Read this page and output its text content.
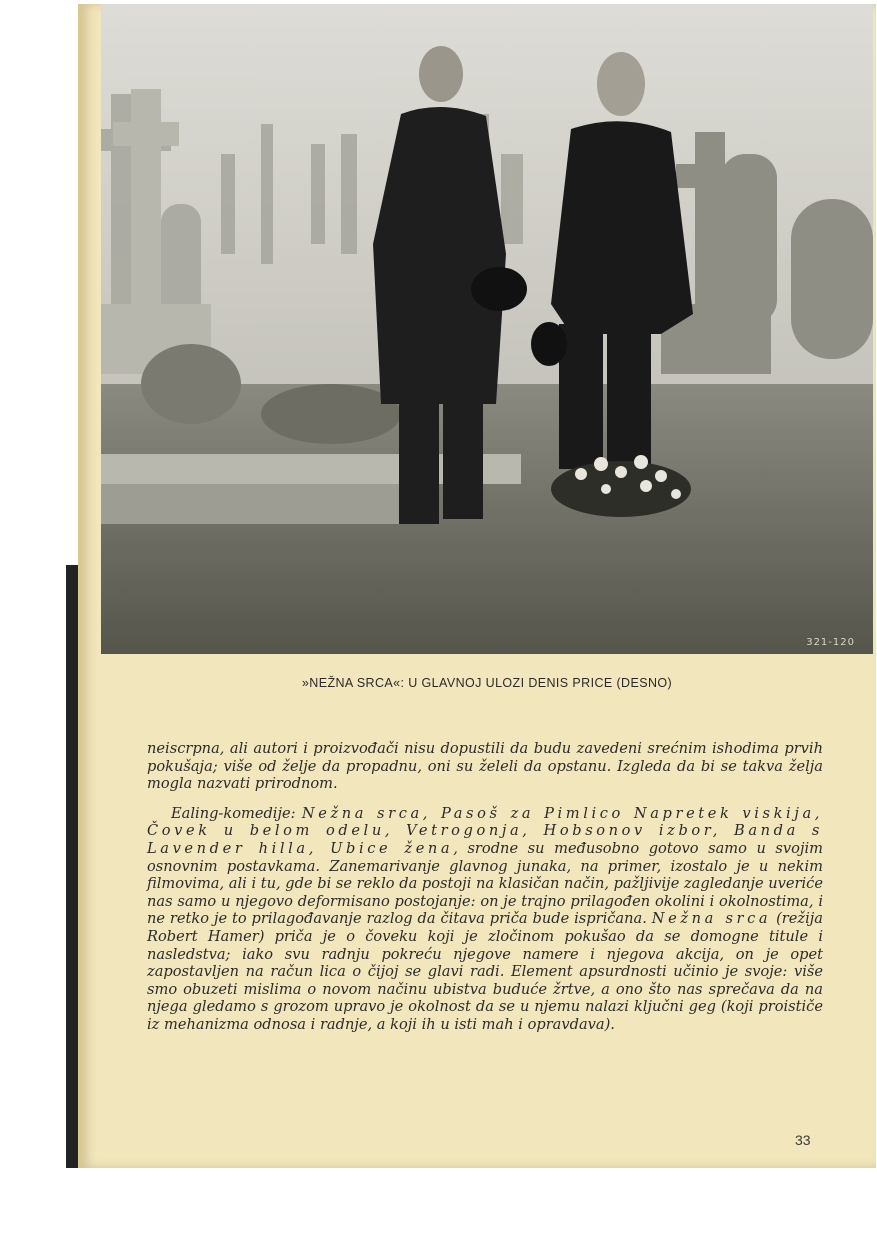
321-120
»NEŽNA SRCA«: U GLAVNOJ ULOZI DENIS PRICE (DESNO)

neiscrpna, ali autori i proizvođači nisu dopustili da budu zavedeni srećnim ishodima prvih pokušaja; više od želje da propadnu, oni su želeli da opstanu. Izgleda da bi se takva želja mogla nazvati prirodnom.

Ealing-komedije: Nežna srca, Pasoš za Pimlico Napretek viskija, Čovek u belom odelu, Vetrogonja, Hobsonov izbor, Banda s Lavender hilla, Ubice žena, srodne su međusobno gotovo samo u svojim osnovnim postavkama. Zanemarivanje glavnog junaka, na primer, izostalo je u nekim filmovima, ali i tu, gde bi se reklo da postoji na klasičan način, pažljivije zagledanje uveriće nas samo u njegovo deformisano postojanje: on je trajno prilagođen okolini i okolnostima, i ne retko je to prilagođavanje razlog da čitava priča bude ispričana. Nežna srca (režija Robert Hamer) priča je o čoveku koji je zločinom pokušao da se domogne titule i nasledstva; iako svu radnju pokreću njegove namere i njegova akcija, on je opet zapostavljen na račun lica o čijoj se glavi radi. Element apsurdnosti učinio je svoje: više smo obuzeti mislima o novom načinu ubistva buduće žrtve, a ono što nas sprečava da na njega gledamo s grozom upravo je okolnost da se u njemu nalazi ključni geg (koji proističe iz mehanizma odnosa i radnje, a koji ih u isti mah i opravdava).

33
